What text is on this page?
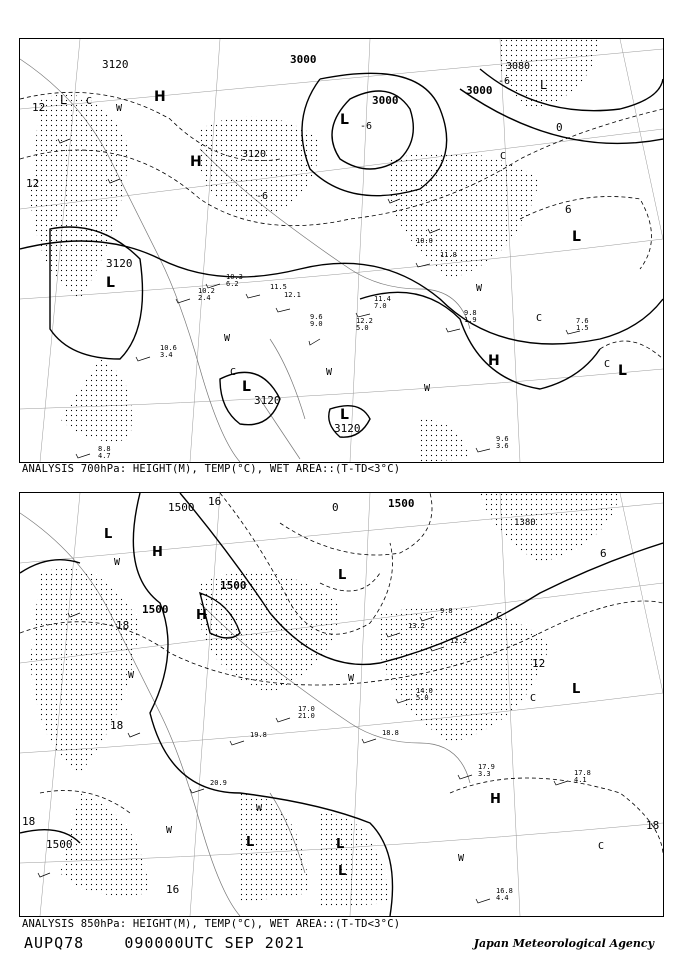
H
H
L
L
L
L
L
L
H
L
L
3120	3000
3000
3120
3120
3120
3120
3080
3000
12
12
-6
-6
-6
0
6
W
W
W
W
W
C
C
C
C
C
10.2
2.4
10.3
6.2	11.5
12.1
9.6
9.0
11.4
7.0
10.0
11.8
9.8
1.9
9.6
3.6
7.6
1.5
8.8
4.7
10.6
3.4
12.2
5.0
ANALYSIS 700hPa: HEIGHT(M), TEMP(°C), WET AREA::(T-TD<3°C)
L
H
H
L
H
L
L	L
L
1500	1500
1500
1500
1500
1380
18
18
18	18
12
6
0
16
16
W
W
W
W
W
W
C
C
C
17.0
21.0
19.8
13.2
9.8
12.2
17.8
17.9
16.8
4.4
4.1
3.3
20.9
18.8
14.0
5.0
ANALYSIS 850hPa: HEIGHT(M), TEMP(°C), WET AREA::(T-TD<3°C)
AUPQ78	090000UTC SEP 2021	Japan Meteorological Agency
